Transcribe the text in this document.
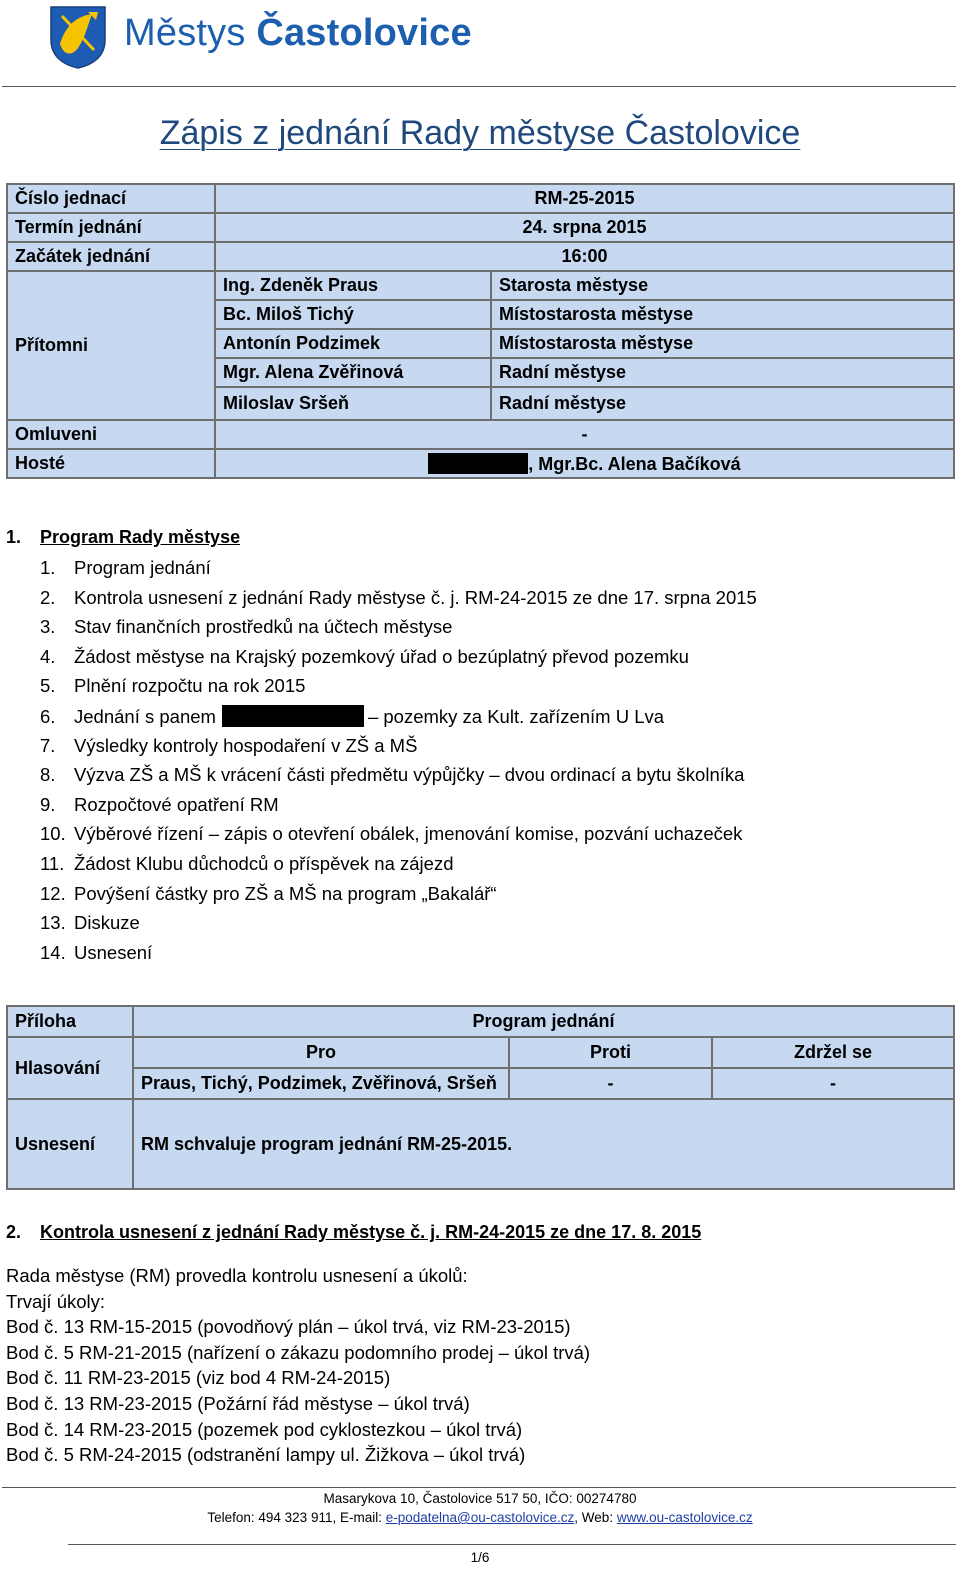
Městys Častolovice
Zápis z jednání Rady městyse Častolovice
Číslo jednací	RM-25-2015	
Termín jednání	24. srpna 2015	
Začátek jednání	16:00	
Přítomni	Ing. Zdeněk Praus	Starosta městyse
	Bc. Miloš Tichý	Místostarosta městyse
	Antonín Podzimek	Místostarosta městyse
	Mgr. Alena Zvěřinová	Radní městyse
	Miloslav Sršeň	Radní městyse
Omluveni	-	
Hosté	, Mgr.Bc. Alena Bačíková	
1. Program Rady městyse
1. Program jednání
2. Kontrola usnesení z jednání Rady městyse č. j. RM-24-2015 ze dne 17. srpna 2015
3. Stav finančních prostředků na účtech městyse
4. Žádost městyse na Krajský pozemkový úřad o bezúplatný převod pozemku
5. Plnění rozpočtu na rok 2015
6. Jednání s panem	– pozemky za Kult. zařízením U Lva
7. Výsledky kontroly hospodaření v ZŠ a MŠ
8. Výzva ZŠ a MŠ k vrácení části předmětu výpůjčky – dvou ordinací a bytu školníka
9. Rozpočtové opatření RM
10. Výběrové řízení – zápis o otevření obálek, jmenování komise, pozvání uchazeček
11. Žádost Klubu důchodců o příspěvek na zájezd
12. Povýšení částky pro ZŠ a MŠ na program „Bakalář“
13. Diskuze
14. Usnesení
Příloha	Program jednání		
Hlasování	Pro	Proti	Zdržel se
	Praus, Tichý, Podzimek, Zvěřinová, Sršeň	-	-
Usnesení	RM schvaluje program jednání RM-25-2015.		
2. Kontrola usnesení z jednání Rady městyse č. j. RM-24-2015 ze dne 17. 8. 2015
Rada městyse (RM) provedla kontrolu usnesení a úkolů:
Trvají úkoly:
Bod č. 13 RM-15-2015 (povodňový plán – úkol trvá, viz RM-23-2015)
Bod č. 5 RM-21-2015 (nařízení o zákazu podomního prodej – úkol trvá)
Bod č. 11 RM-23-2015 (viz bod 4 RM-24-2015)
Bod č. 13 RM-23-2015 (Požární řád městyse – úkol trvá)
Bod č. 14 RM-23-2015 (pozemek pod cyklostezkou – úkol trvá)
Bod č. 5 RM-24-2015 (odstranění lampy ul. Žižkova – úkol trvá)
Masarykova 10, Častolovice 517 50, IČO: 00274780
Telefon: 494 323 911, E-mail: e-podatelna@ou-castolovice.cz, Web: www.ou-castolovice.cz
1/6
